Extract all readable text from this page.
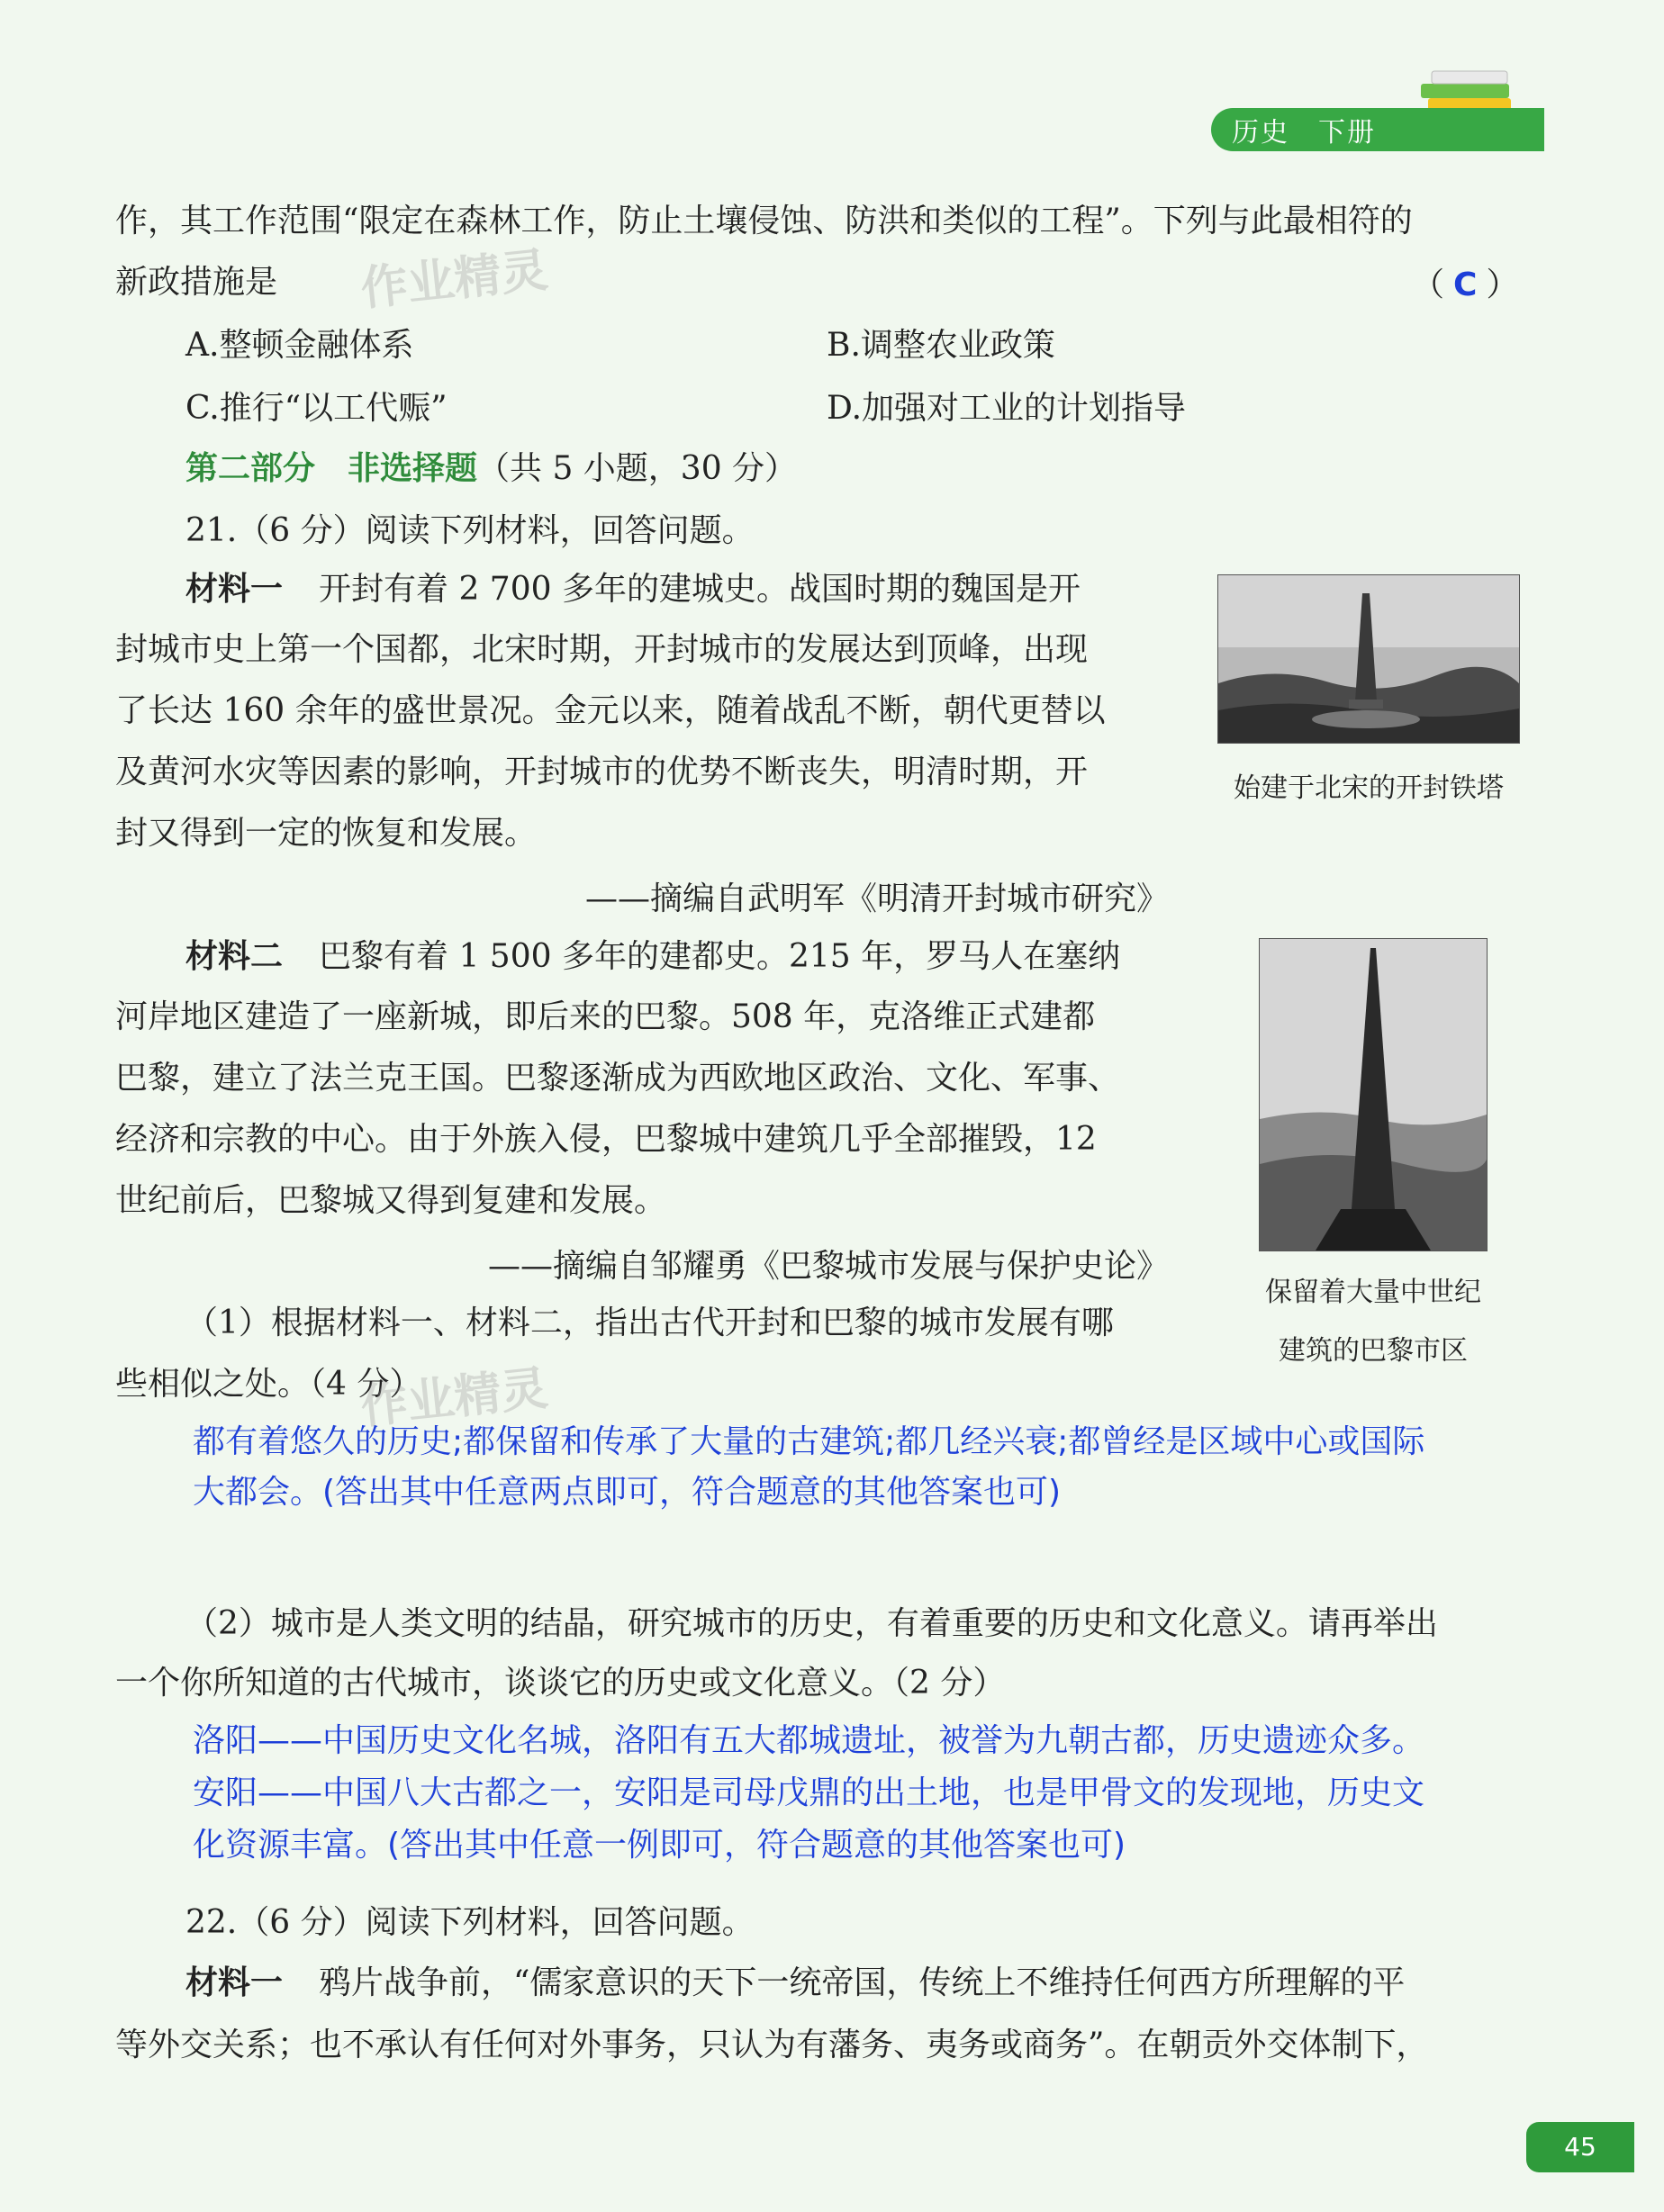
历史　下册
作，其工作范围“限定在森林工作，防止土壤侵蚀、防洪和类似的工程”。下列与此最相符的
新政措施是	（ C ）
A.整顿金融体系	B.调整农业政策
C.推行“以工代赈”	D.加强对工业的计划指导
第二部分　非选择题（共 5 小题，30 分）
21.（6 分）阅读下列材料，回答问题。
材料一 开封有着 2 700 多年的建城史。战国时期的魏国是开
封城市史上第一个国都，北宋时期，开封城市的发展达到顶峰，出现
了长达 160 余年的盛世景况。金元以来，随着战乱不断，朝代更替以
及黄河水灾等因素的影响，开封城市的优势不断丧失，明清时期，开
封又得到一定的恢复和发展。
——摘编自武明军《明清开封城市研究》
始建于北宋的开封铁塔
材料二 巴黎有着 1 500 多年的建都史。215 年，罗马人在塞纳
河岸地区建造了一座新城，即后来的巴黎。508 年，克洛维正式建都
巴黎，建立了法兰克王国。巴黎逐渐成为西欧地区政治、文化、军事、
经济和宗教的中心。由于外族入侵，巴黎城中建筑几乎全部摧毁，12
世纪前后，巴黎城又得到复建和发展。
——摘编自邹耀勇《巴黎城市发展与保护史论》
保留着大量中世纪
建筑的巴黎市区
（1）根据材料一、材料二，指出古代开封和巴黎的城市发展有哪
些相似之处。（4 分）
都有着悠久的历史;都保留和传承了大量的古建筑;都几经兴衰;都曾经是区域中心或国际
大都会。(答出其中任意两点即可，符合题意的其他答案也可)
（2）城市是人类文明的结晶，研究城市的历史，有着重要的历史和文化意义。请再举出
一个你所知道的古代城市，谈谈它的历史或文化意义。（2 分）
洛阳——中国历史文化名城，洛阳有五大都城遗址，被誉为九朝古都，历史遗迹众多。
安阳——中国八大古都之一，安阳是司母戊鼎的出土地，也是甲骨文的发现地，历史文
化资源丰富。(答出其中任意一例即可，符合题意的其他答案也可)
22.（6 分）阅读下列材料，回答问题。
材料一 鸦片战争前，“儒家意识的天下一统帝国，传统上不维持任何西方所理解的平
等外交关系；也不承认有任何对外事务，只认为有藩务、夷务或商务”。在朝贡外交体制下，
作业精灵
作业精灵
45
